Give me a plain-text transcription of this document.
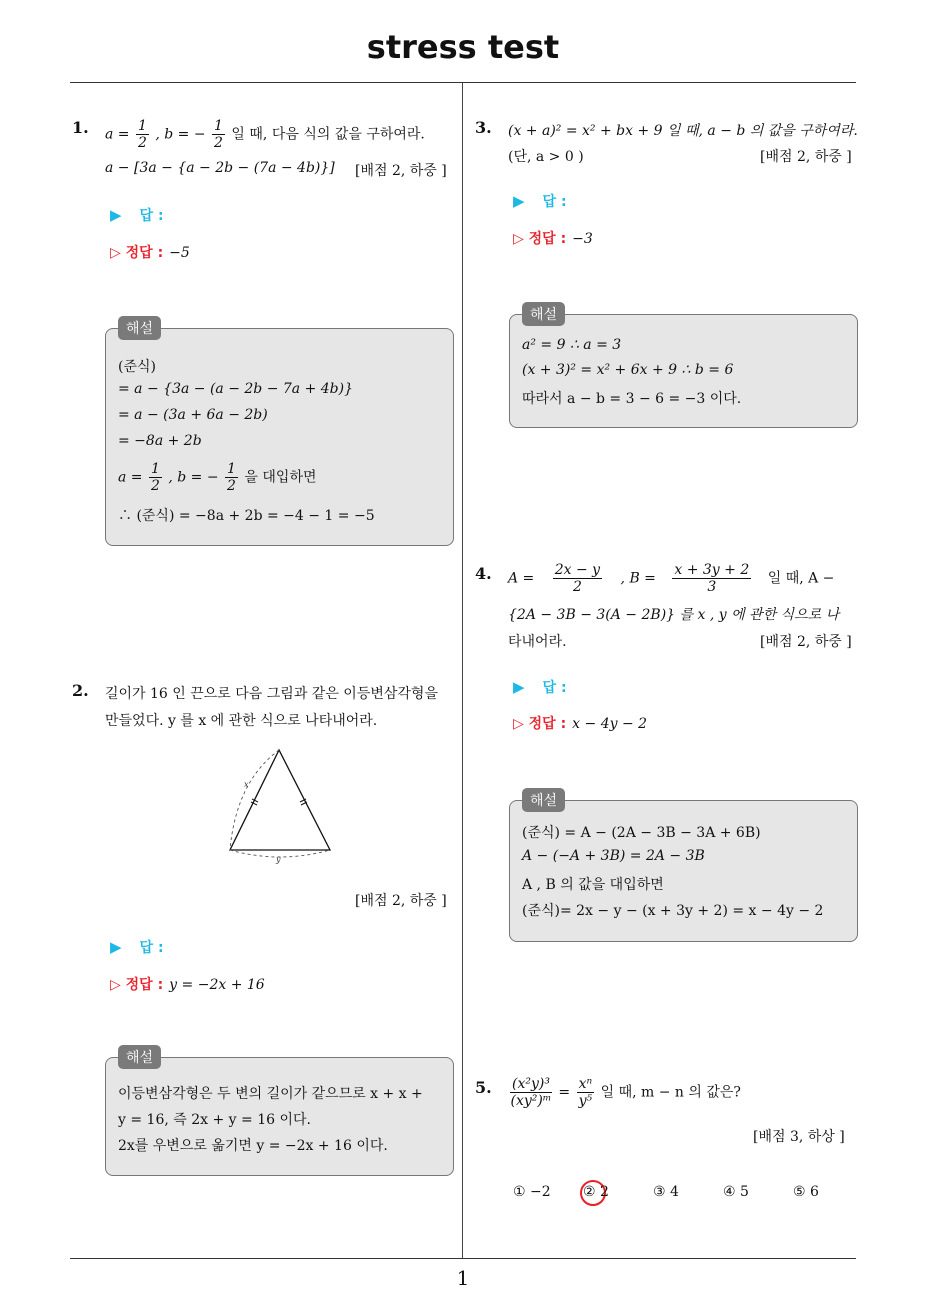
stress test
1. $a = \frac{1}{2}$ , b = − $\frac{1}{2}$ 일 때, 다음 식의 값을 구하여라.
a − [3a − {a − 2b − (7a − 4b)}] [배점 2, 하중 ]
▶ 답 :
▷ 정답 : −5
해설
(준식)
= a − {3a − (a − 2b − 7a + 4b)}
= a − (3a + 6a − 2b)
= −8a + 2b
$a = \frac{1}{2}$ , b = − $\frac{1}{2}$ 을 대입하면
∴ (준식) = −8a + 2b = −4 − 1 = −5
2. 길이가 16 인 끈으로 다음 그림과 같은 이등변삼각형을
만들었다. y 를 x 에 관한 식으로 나타내어라.
x
y
[배점 2, 하중 ]
▶ 답 :
▷ 정답 : y = −2x + 16
해설
이등변삼각형은 두 변의 길이가 같으므로 x + x +
y = 16, 즉 2x + y = 16 이다.
2x를 우변으로 옮기면 y = −2x + 16 이다.
3. (x + a)² = x² + bx + 9 일 때, a − b 의 값을 구하여라.
(단, a > 0 )	[배점 2, 하중 ]
▶ 답 :
▷ 정답 : −3
해설
a² = 9 ∴ a = 3
(x + 3)² = x² + 6x + 9 ∴ b = 6
따라서 a − b = 3 − 6 = −3 이다.
4. $A = \frac{2x - y}{2}$ , $B = \frac{x + 3y + 2}{3}$ 일 때, A −
{2A − 3B − 3(A − 2B)} 를 x , y 에 관한 식으로 나
타내어라.	[배점 2, 하중 ]
▶ 답 :
▷ 정답 : x − 4y − 2
해설
(준식) = A − (2A − 3B − 3A + 6B)
A − (−A + 3B) = 2A − 3B
A , B 의 값을 대입하면
(준식)= 2x − y − (x + 3y + 2) = x − 4y − 2
5. $\frac{\text{(x²y)³}}{\text{(xy²)ᵐ}} = \frac{\text{xⁿ}}{\text{y⁵}}$ 일 때, m − n 의 값은?
[배점 3, 하상 ]
① −2 ② 2	③ 4	④ 5	⑤ 6
1
